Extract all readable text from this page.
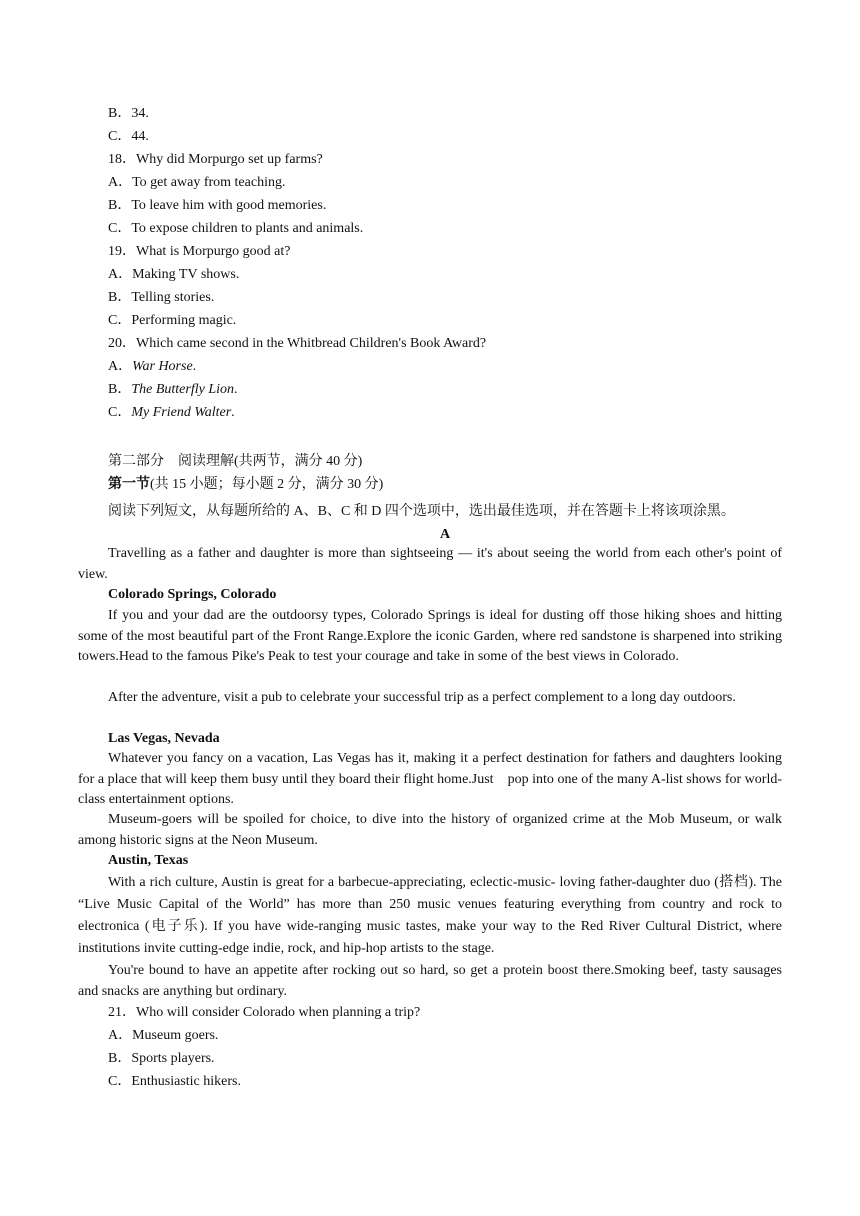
B．34.
C．44.
18．Why did Morpurgo set up farms?
A．To get away from teaching.
B．To leave him with good memories.
C．To expose children to plants and animals.
19．What is Morpurgo good at?
A．Making TV shows.
B．Telling stories.
C．Performing magic.
20．Which came second in the Whitbread Children's Book Award?
A．War Horse.
B．The Butterfly Lion.
C．My Friend Walter.
第二部分　阅读理解(共两节，满分 40 分)
第一节(共 15 小题；每小题 2 分，满分 30 分)
阅读下列短文，从每题所给的 A、B、C 和 D 四个选项中，选出最佳选项，并在答题卡上将该项涂黑。
A
Travelling as a father and daughter is more than sightseeing — it's about seeing the world from each other's point of view.
Colorado Springs, Colorado
If you and your dad are the outdoorsy types, Colorado Springs is ideal for dusting off those hiking shoes and hitting some of the most beautiful part of the Front Range.Explore the iconic Garden, where red sandstone is sharpened into striking towers.Head to the famous Pike's Peak to test your courage and take in some of the best views in Colorado.
After the adventure, visit a pub to celebrate your successful trip as a perfect complement to a long day outdoors.
Las Vegas, Nevada
Whatever you fancy on a vacation, Las Vegas has it, making it a perfect destination for fathers and daughters looking for a place that will keep them busy until they board their flight home.Just　pop into one of the many A-list shows for world-class entertainment options.
Museum-goers will be spoiled for choice, to dive into the history of organized crime at the Mob Museum, or walk among historic signs at the Neon Museum.
Austin, Texas
With a rich culture, Austin is great for a barbecue-appreciating, eclectic-music- loving father-daughter duo (搭档). The “Live Music Capital of the World” has more than 250 music venues featuring everything from country and rock to electronica (电子乐). If you have wide-ranging music tastes, make your way to the Red River Cultural District, where institutions invite cutting-edge indie, rock, and hip-hop artists to the stage.
You're bound to have an appetite after rocking out so hard, so get a protein boost there.Smoking beef, tasty sausages and snacks are anything but ordinary.
21．Who will consider Colorado when planning a trip?
A．Museum goers.
B．Sports players.
C．Enthusiastic hikers.
